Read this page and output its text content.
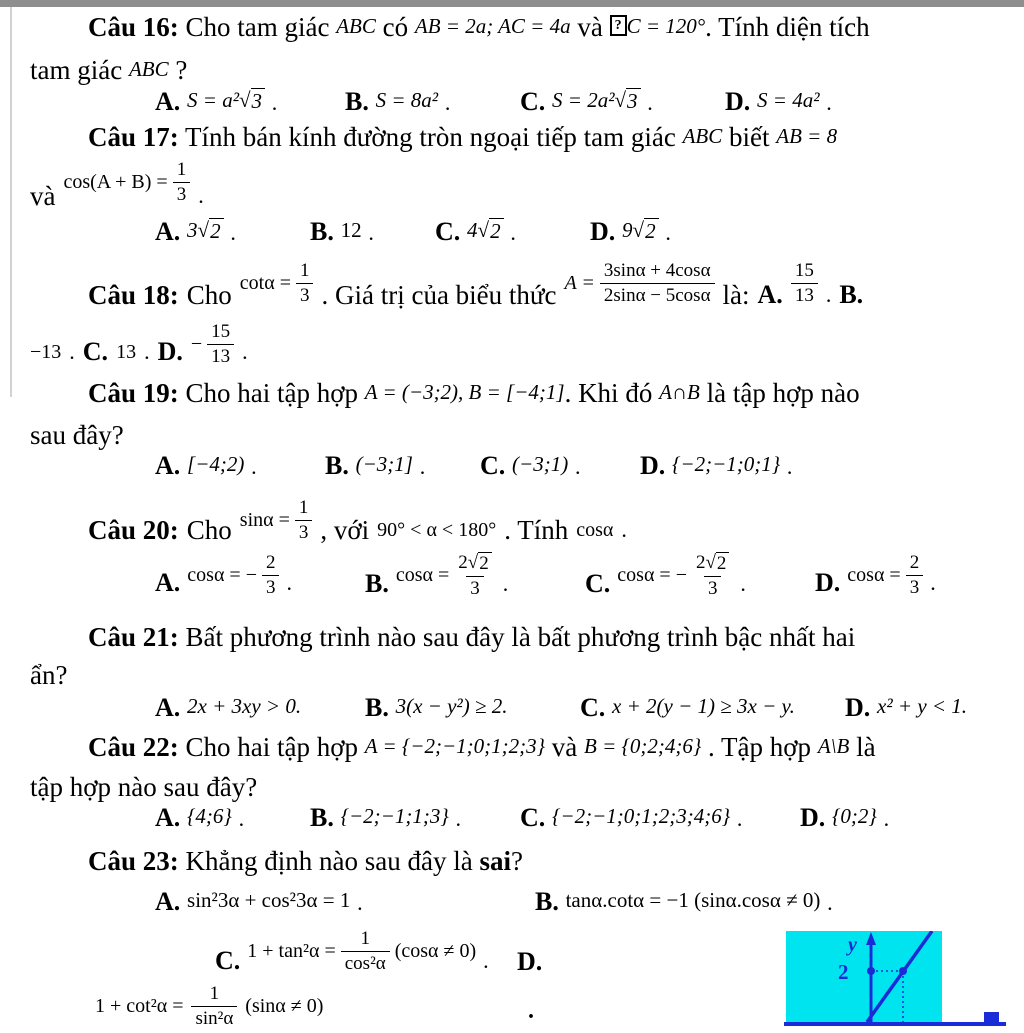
Câu 16: Cho tam giác ABC có AB = 2a; AC = 4a và ? C = 120°. Tính diện tích
tam giác ABC ?
A. S = a² √ 3 .	B. S = 8a² .	C. S = 2a² √ 3 .	D. S = 4a² .
Câu 17: Tính bán kính đường tròn ngoại tiếp tam giác ABC biết AB = 8
và $\cos(A + B) = \frac{1}{3}$ .
A. 3 √ 2 .	B. 12 . C. 4 √ 2 .	D. 9 √ 2 .
Câu 18: Cho $\cot\alpha = \frac{1}{3}$ . Giá trị của biểu thức $A = \frac{3\sin\alpha + 4\cos\alpha}{2\sin\alpha - 5\cos\alpha}$ là: A. $\frac{15}{13}$ . B.
−13 . C. 13 . D. − $\frac{15}{13}$ .
Câu 19: Cho hai tập hợp A = (−3;2), B = [−4;1]. Khi đó A∩B là tập hợp nào
sau đây?
A. [−4;2) .	B. (−3;1] . C. (−3;1) . D. {−2;−1;0;1} .
Câu 20: Cho $\sin\alpha = \frac{1}{3}$ , với 90° < α < 180° . Tính cosα .
A. cosα = − $\frac{2}{3}$ .	B. $\cos\alpha = \frac{2 √ 2}{3}$ .	C. cosα = − $\frac{2 √ 2}{3}$ .	D. $\cos\alpha = \frac{2}{3}$ .
Câu 21: Bất phương trình nào sau đây là bất phương trình bậc nhất hai
ẩn?
A. 2x + 3xy > 0. B. 3(x − y²) ≥ 2.	C. x + 2(y − 1) ≥ 3x − y. D. x² + y < 1.
Câu 22: Cho hai tập hợp A = {−2;−1;0;1;2;3} và B = {0;2;4;6} . Tập hợp A\B là
tập hợp nào sau đây?
A. {4;6} .	B. {−2;−1;1;3} . C. {−2;−1;0;1;2;3;4;6} . D. {0;2} .
Câu 23: Khẳng định nào sau đây là sai?
A. sin²3α + cos²3α = 1 .	B. tanα.cotα = −1 (sinα.cosα ≠ 0) .
C. $1 + \tan^2\alpha = \frac{1}{\text{cos²α}} (\cos\alpha \ne 0)$ . D.
$1 + \cot^2\alpha = \frac{1}{\text{sin²α}} (\sin\alpha \ne 0)$	.
y
2
